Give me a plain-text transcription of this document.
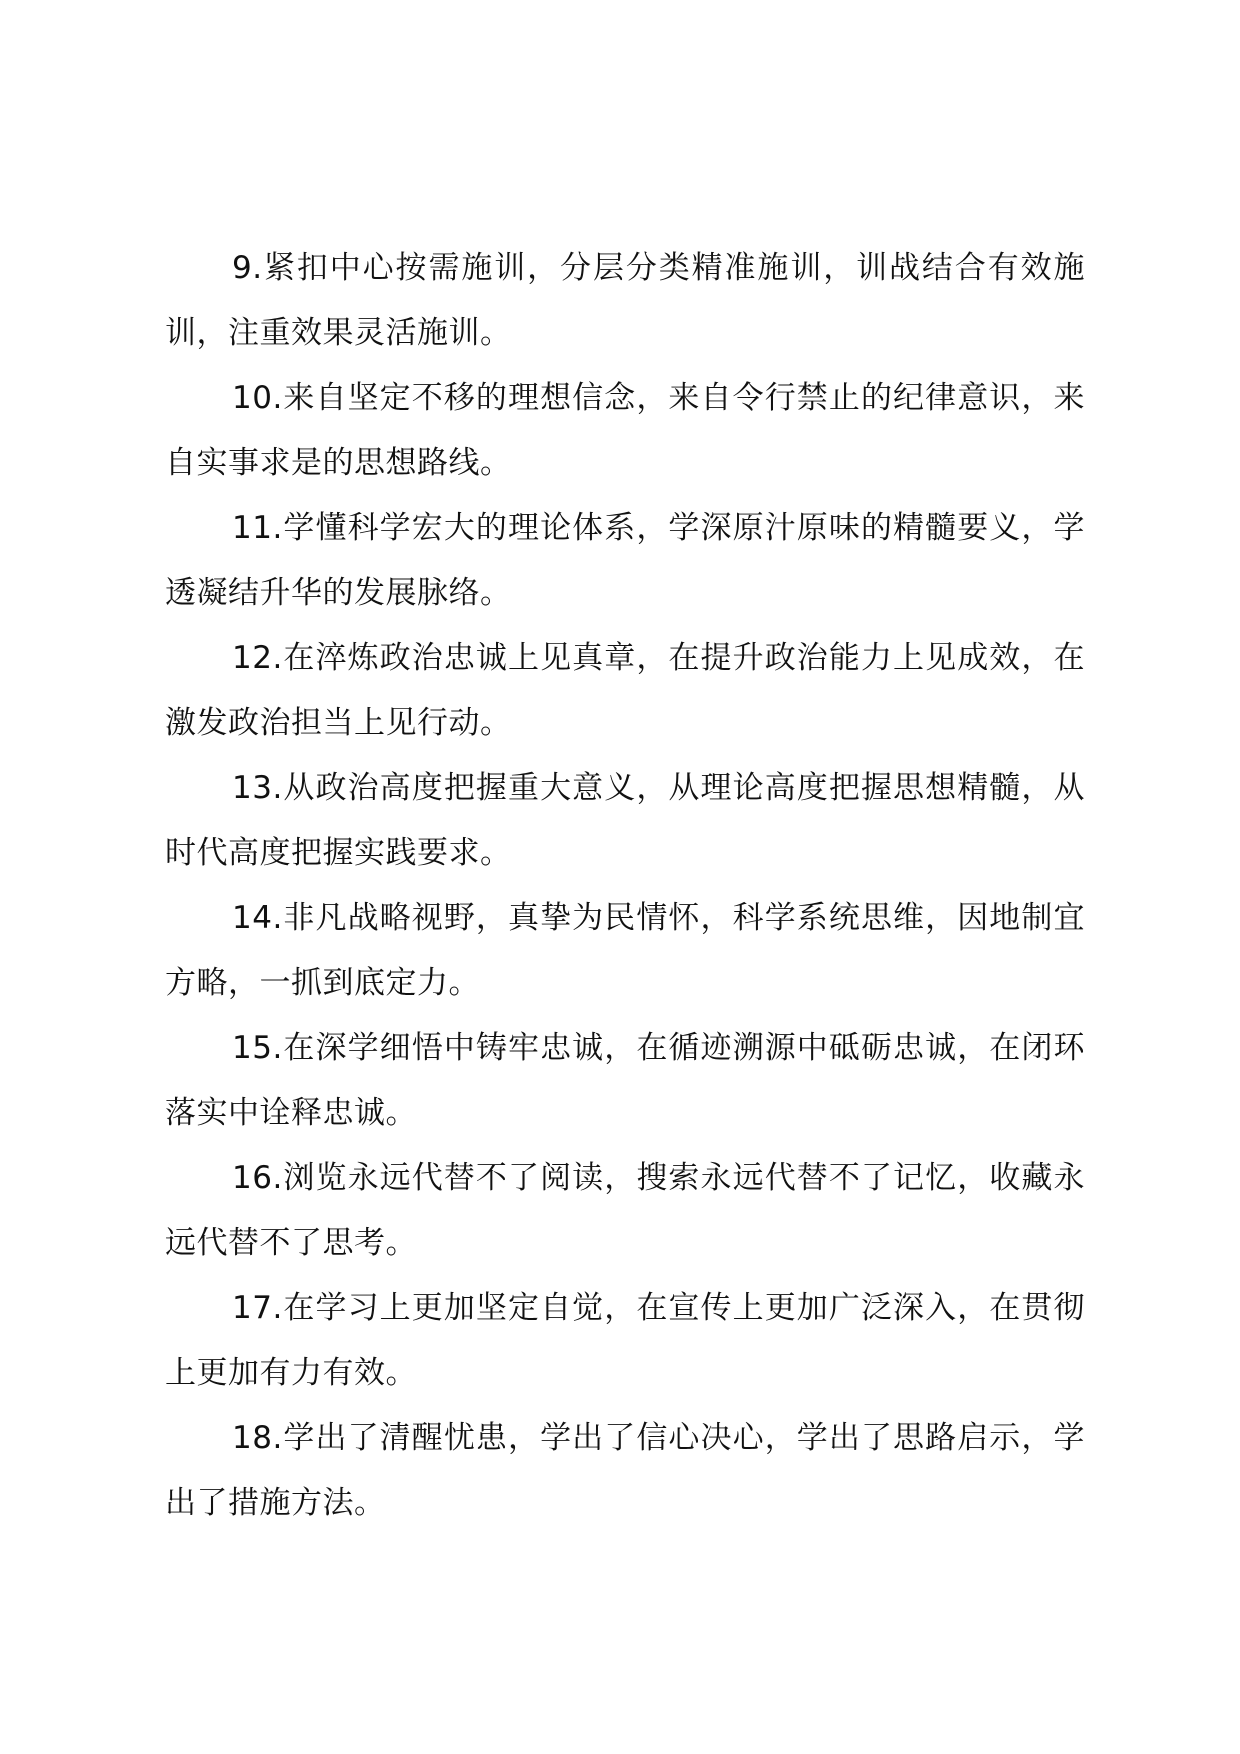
9.紧扣中心按需施训，分层分类精准施训，训战结合有效施训，注重效果灵活施训。

10.来自坚定不移的理想信念，来自令行禁止的纪律意识，来自实事求是的思想路线。

11.学懂科学宏大的理论体系，学深原汁原味的精髓要义，学透凝结升华的发展脉络。

12.在淬炼政治忠诚上见真章，在提升政治能力上见成效，在激发政治担当上见行动。

13.从政治高度把握重大意义，从理论高度把握思想精髓，从时代高度把握实践要求。

14.非凡战略视野，真挚为民情怀，科学系统思维，因地制宜方略，一抓到底定力。

15.在深学细悟中铸牢忠诚，在循迹溯源中砥砺忠诚，在闭环落实中诠释忠诚。

16.浏览永远代替不了阅读，搜索永远代替不了记忆，收藏永远代替不了思考。

17.在学习上更加坚定自觉，在宣传上更加广泛深入，在贯彻上更加有力有效。

18.学出了清醒忧患，学出了信心决心，学出了思路启示，学出了措施方法。
